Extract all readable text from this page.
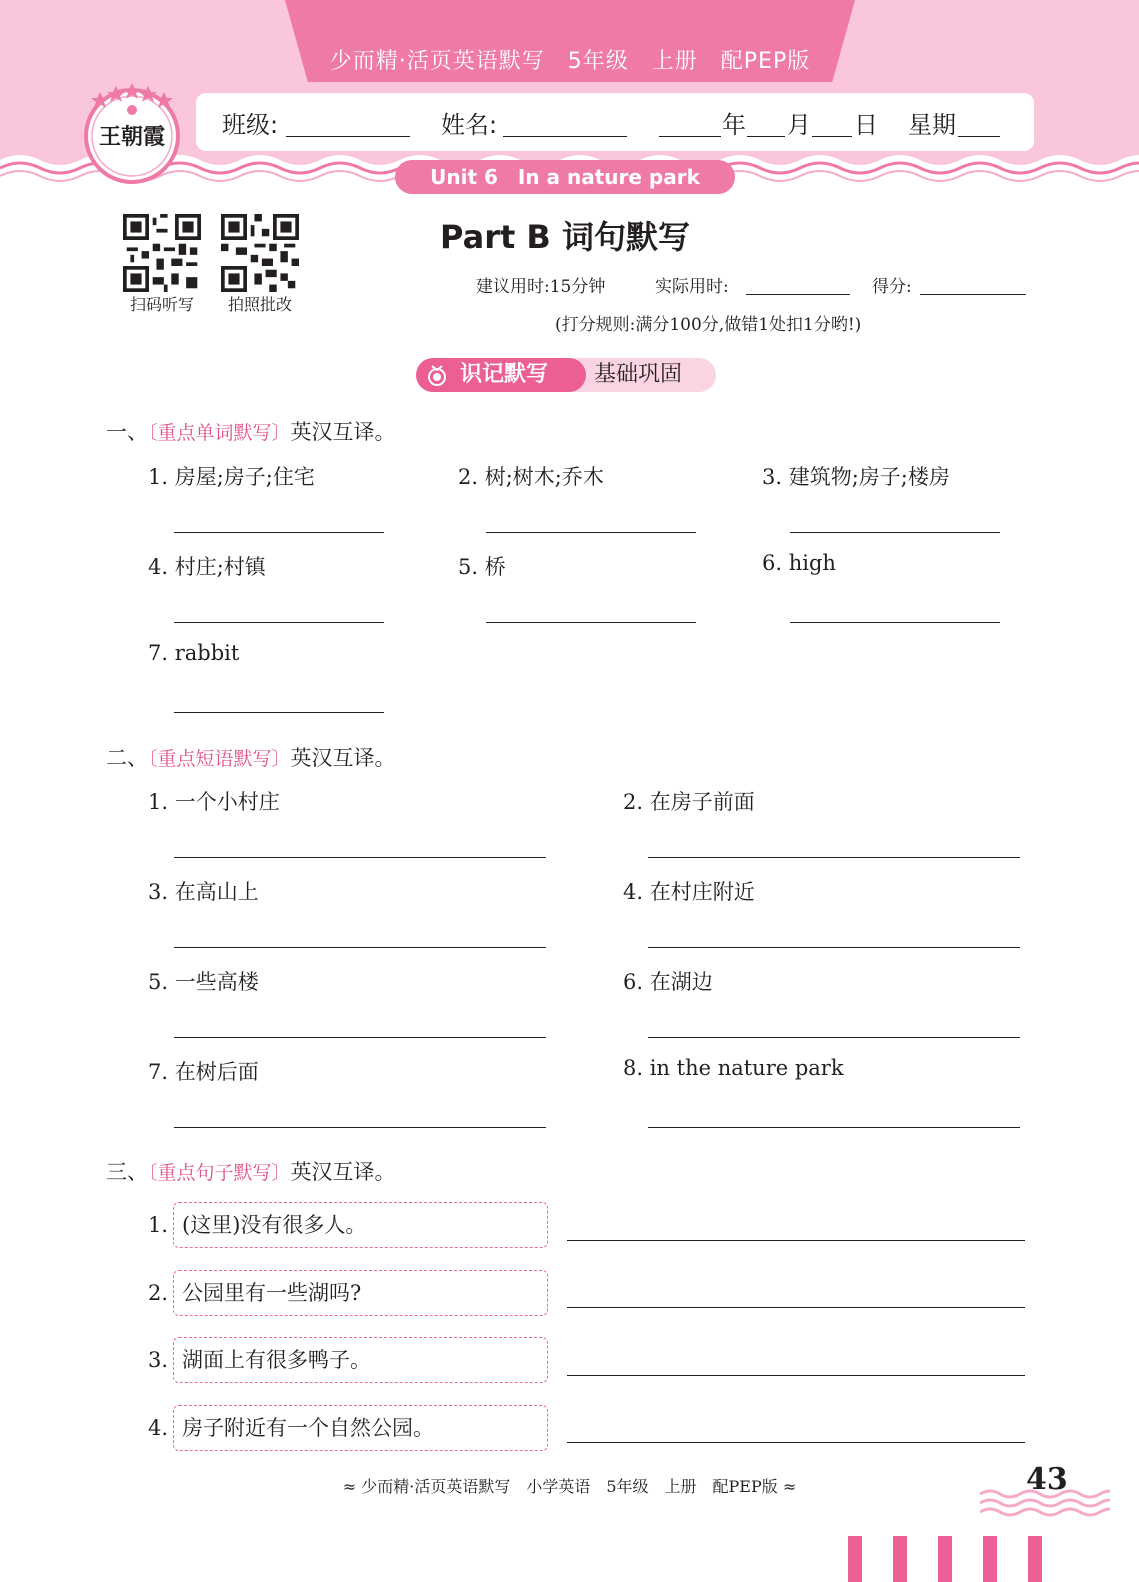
少而精·活页英语默写　5年级　上册　配PEP版
王朝霞 班级:	姓名:	年 月 日 星期
Unit 6　In a nature park
扫码听写	拍照批改
Part B 词句默写
建议用时:15分钟	实际用时:	得分:
(打分规则:满分100分,做错1处扣1分哟!)
识记默写	基础巩固
一、〔重点单词默写〕英汉互译。
1. 房屋;房子;住宅	2. 树;树木;乔木	3. 建筑物;房子;楼房
4. 村庄;村镇	5. 桥	6. high
7. rabbit
二、〔重点短语默写〕英汉互译。
1. 一个小村庄	2. 在房子前面
3. 在高山上	4. 在村庄附近
5. 一些高楼	6. 在湖边
7. 在树后面	8. in the nature park
三、〔重点句子默写〕英汉互译。
1. (这里)没有很多人。
2. 公园里有一些湖吗?
3. 湖面上有很多鸭子。
4. 房子附近有一个自然公园。
≈ 少而精·活页英语默写　小学英语　5年级　上册　配PEP版 ≈	43
